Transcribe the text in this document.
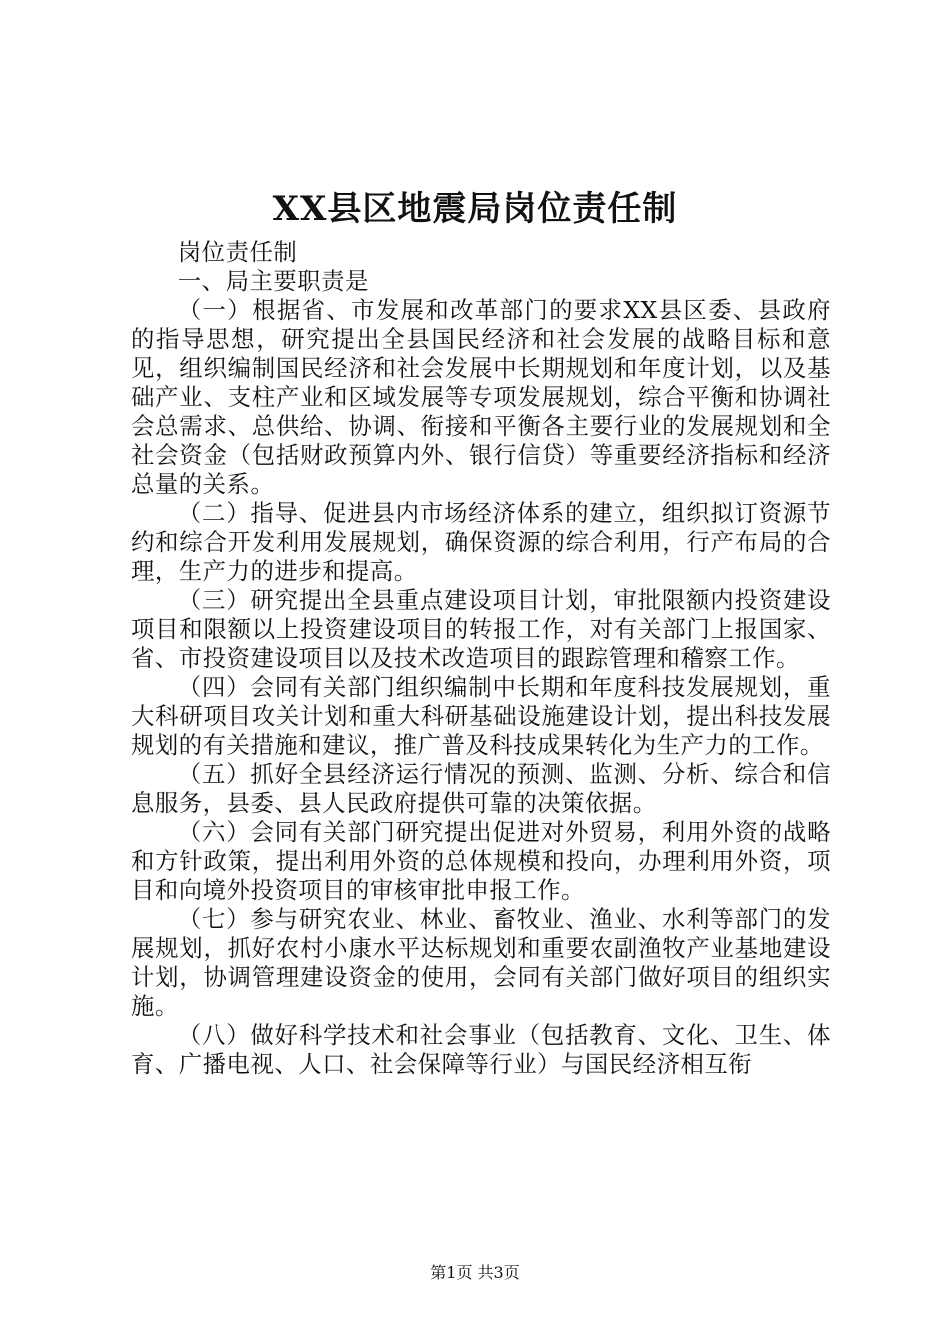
XX县区地震局岗位责任制

岗位责任制

一、局主要职责是

（一）根据省、市发展和改革部门的要求XX县区委、县政府的指导思想，研究提出全县国民经济和社会发展的战略目标和意见，组织编制国民经济和社会发展中长期规划和年度计划，以及基础产业、支柱产业和区域发展等专项发展规划，综合平衡和协调社会总需求、总供给、协调、衔接和平衡各主要行业的发展规划和全社会资金（包括财政预算内外、银行信贷）等重要经济指标和经济总量的关系。

（二）指导、促进县内市场经济体系的建立，组织拟订资源节约和综合开发利用发展规划，确保资源的综合利用，行产布局的合理，生产力的进步和提高。

（三）研究提出全县重点建设项目计划，审批限额内投资建设项目和限额以上投资建设项目的转报工作，对有关部门上报国家、省、市投资建设项目以及技术改造项目的跟踪管理和稽察工作。

（四）会同有关部门组织编制中长期和年度科技发展规划，重大科研项目攻关计划和重大科研基础设施建设计划，提出科技发展规划的有关措施和建议，推广普及科技成果转化为生产力的工作。

（五）抓好全县经济运行情况的预测、监测、分析、综合和信息服务，县委、县人民政府提供可靠的决策依据。

（六）会同有关部门研究提出促进对外贸易，利用外资的战略和方针政策，提出利用外资的总体规模和投向，办理利用外资，项目和向境外投资项目的审核审批申报工作。

（七）参与研究农业、林业、畜牧业、渔业、水利等部门的发展规划，抓好农村小康水平达标规划和重要农副渔牧产业基地建设计划，协调管理建设资金的使用，会同有关部门做好项目的组织实施。

（八）做好科学技术和社会事业（包括教育、文化、卫生、体育、广播电视、人口、社会保障等行业）与国民经济相互衔

第1页 共3页
